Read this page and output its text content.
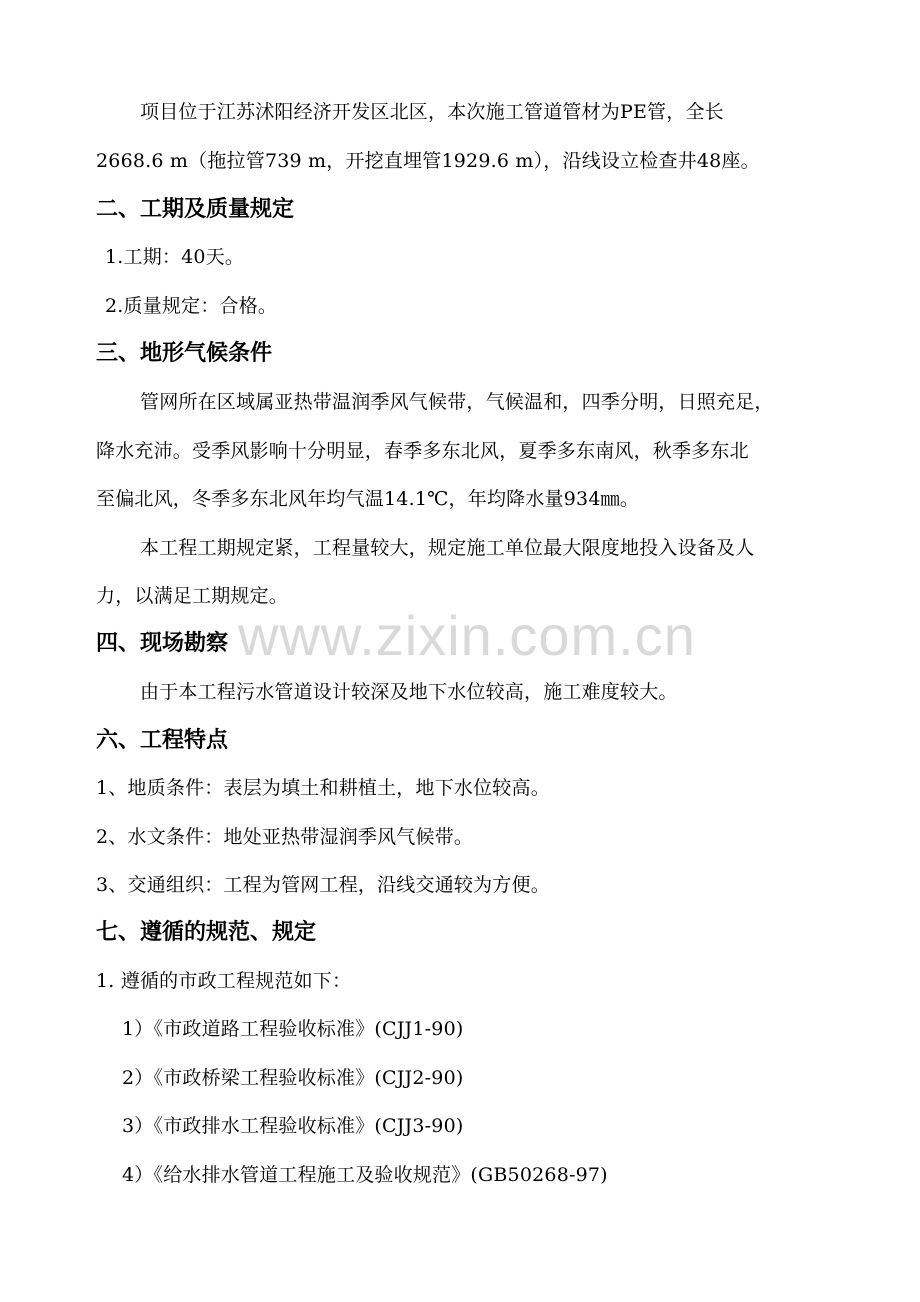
项目位于江苏沭阳经济开发区北区，本次施工管道管材为PE管，全长
2668.6 m（拖拉管739 m，开挖直埋管1929.6 m），沿线设立检查井48座。
二、工期及质量规定
1.工期：40天。
2.质量规定：合格。
三、地形气候条件
管网所在区域属亚热带温润季风气候带，气候温和，四季分明，日照充足，
降水充沛。受季风影响十分明显，春季多东北风，夏季多东南风，秋季多东北
至偏北风，冬季多东北风年均气温14.1℃，年均降水量934㎜。
本工程工期规定紧，工程量较大，规定施工单位最大限度地投入设备及人
力，以满足工期规定。
www.zixin.com.cn
四、现场勘察
由于本工程污水管道设计较深及地下水位较高，施工难度较大。
六、工程特点
1、地质条件：表层为填土和耕植土，地下水位较高。
2、水文条件：地处亚热带湿润季风气候带。
3、交通组织：工程为管网工程，沿线交通较为方便。
七、遵循的规范、规定
1. 遵循的市政工程规范如下：
1）《市政道路工程验收标准》(CJJ1-90)
2）《市政桥梁工程验收标准》(CJJ2-90)
3）《市政排水工程验收标准》(CJJ3-90)
4）《给水排水管道工程施工及验收规范》(GB50268-97)
